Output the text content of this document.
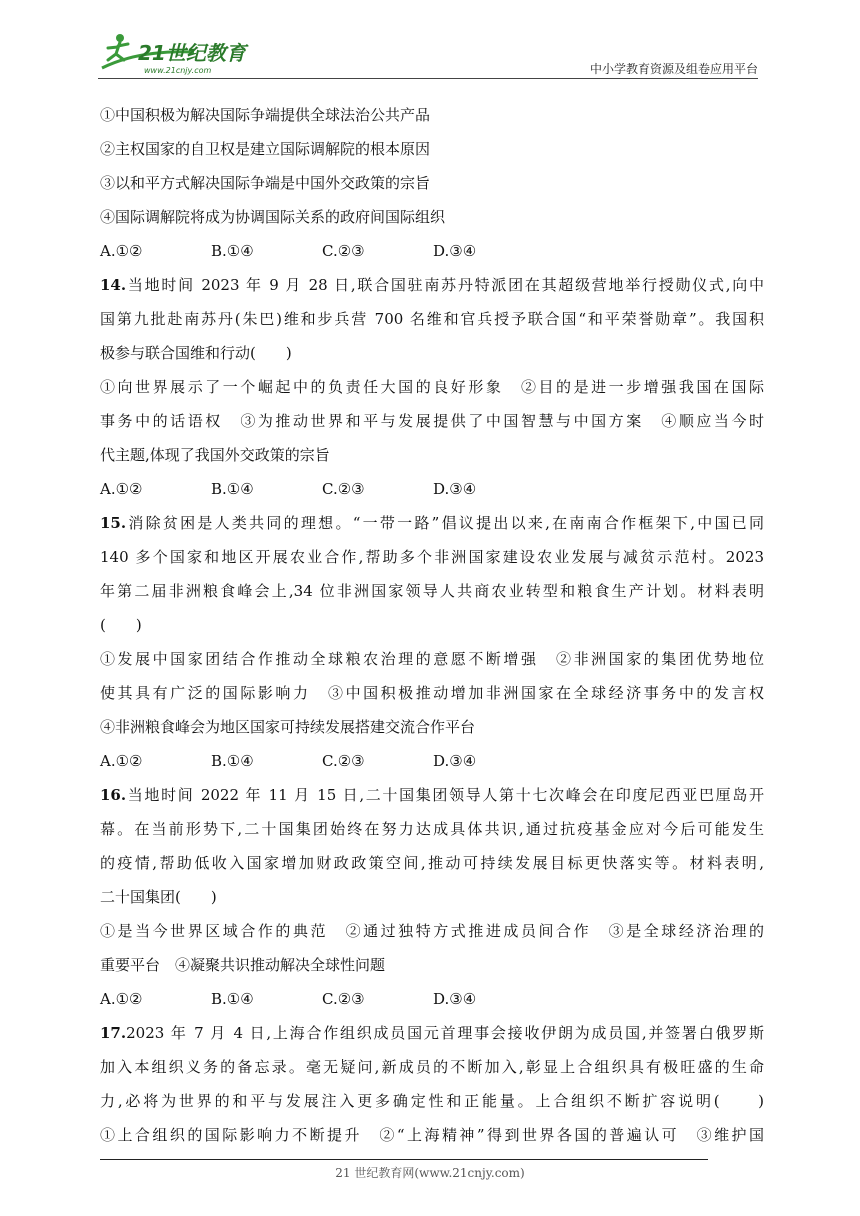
21世纪教育
www.21cnjy.com	中小学教育资源及组卷应用平台
①中国积极为解决国际争端提供全球法治公共产品
②主权国家的自卫权是建立国际调解院的根本原因
③以和平方式解决国际争端是中国外交政策的宗旨
④国际调解院将成为协调国际关系的政府间国际组织
A.①②	B.①④	C.②③	D.③④
14.当地时间 2023 年 9 月 28 日,联合国驻南苏丹特派团在其超级营地举行授勋仪式,向中
国第九批赴南苏丹(朱巴)维和步兵营 700 名维和官兵授予联合国“和平荣誉勋章”。我国积
极参与联合国维和行动(　　)
①向世界展示了一个崛起中的负责任大国的良好形象　②目的是进一步增强我国在国际
事务中的话语权　③为推动世界和平与发展提供了中国智慧与中国方案　④顺应当今时
代主题,体现了我国外交政策的宗旨
A.①②	B.①④	C.②③	D.③④
15.消除贫困是人类共同的理想。“一带一路”倡议提出以来,在南南合作框架下,中国已同
140 多个国家和地区开展农业合作,帮助多个非洲国家建设农业发展与减贫示范村。2023
年第二届非洲粮食峰会上,34 位非洲国家领导人共商农业转型和粮食生产计划。材料表明
(　　)
①发展中国家团结合作推动全球粮农治理的意愿不断增强　②非洲国家的集团优势地位
使其具有广泛的国际影响力　③中国积极推动增加非洲国家在全球经济事务中的发言权
④非洲粮食峰会为地区国家可持续发展搭建交流合作平台
A.①②	B.①④	C.②③	D.③④
16.当地时间 2022 年 11 月 15 日,二十国集团领导人第十七次峰会在印度尼西亚巴厘岛开
幕。在当前形势下,二十国集团始终在努力达成具体共识,通过抗疫基金应对今后可能发生
的疫情,帮助低收入国家增加财政政策空间,推动可持续发展目标更快落实等。材料表明,
二十国集团(　　)
①是当今世界区域合作的典范　②通过独特方式推进成员间合作　③是全球经济治理的
重要平台　④凝聚共识推动解决全球性问题
A.①②	B.①④	C.②③	D.③④
17.2023 年 7 月 4 日,上海合作组织成员国元首理事会接收伊朗为成员国,并签署白俄罗斯
加入本组织义务的备忘录。毫无疑问,新成员的不断加入,彰显上合组织具有极旺盛的生命
力,必将为世界的和平与发展注入更多确定性和正能量。上合组织不断扩容说明(　　)
①上合组织的国际影响力不断提升　②“上海精神”得到世界各国的普遍认可　③维护国
21 世纪教育网(www.21cnjy.com)
